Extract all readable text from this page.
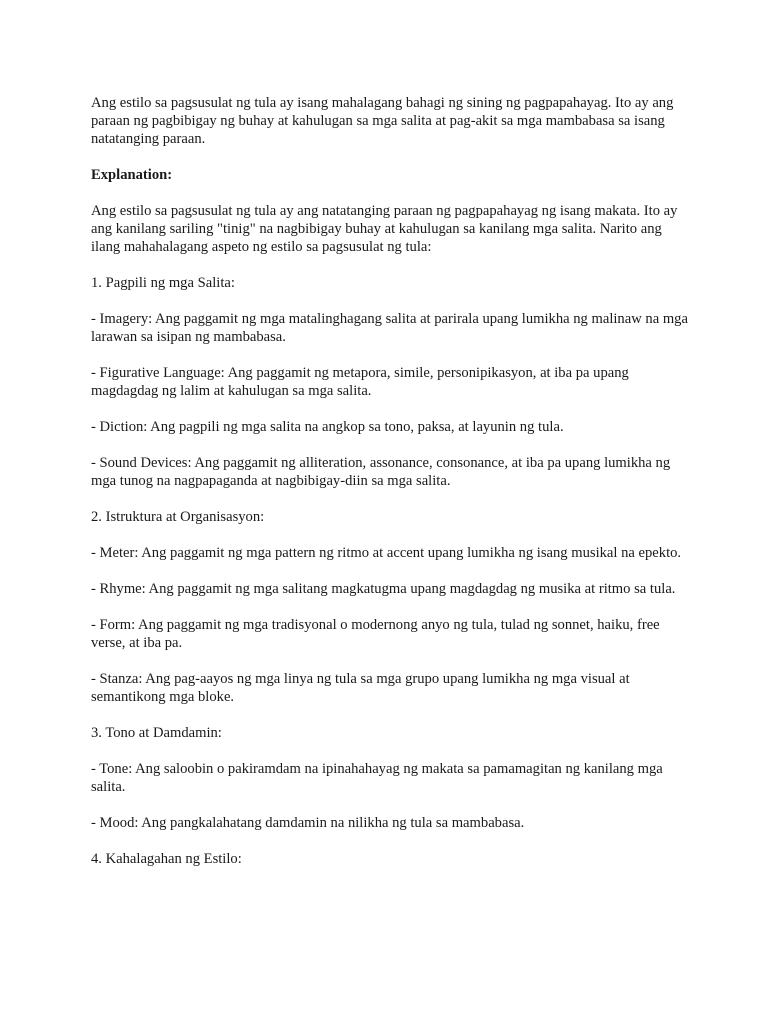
Ang estilo sa pagsusulat ng tula ay isang mahalagang bahagi ng sining ng pagpapahayag. Ito ay ang paraan ng pagbibigay ng buhay at kahulugan sa mga salita at pag-akit sa mga mambabasa sa isang natatanging paraan.

Explanation:

Ang estilo sa pagsusulat ng tula ay ang natatanging paraan ng pagpapahayag ng isang makata. Ito ay ang kanilang sariling "tinig" na nagbibigay buhay at kahulugan sa kanilang mga salita. Narito ang ilang mahahalagang aspeto ng estilo sa pagsusulat ng tula:

1. Pagpili ng mga Salita:

- Imagery: Ang paggamit ng mga matalinghagang salita at parirala upang lumikha ng malinaw na mga larawan sa isipan ng mambabasa.

- Figurative Language: Ang paggamit ng metapora, simile, personipikasyon, at iba pa upang magdagdag ng lalim at kahulugan sa mga salita.

- Diction: Ang pagpili ng mga salita na angkop sa tono, paksa, at layunin ng tula.

- Sound Devices: Ang paggamit ng alliteration, assonance, consonance, at iba pa upang lumikha ng mga tunog na nagpapaganda at nagbibigay-diin sa mga salita.

2. Istruktura at Organisasyon:

- Meter: Ang paggamit ng mga pattern ng ritmo at accent upang lumikha ng isang musikal na epekto.

- Rhyme: Ang paggamit ng mga salitang magkatugma upang magdagdag ng musika at ritmo sa tula.

- Form: Ang paggamit ng mga tradisyonal o modernong anyo ng tula, tulad ng sonnet, haiku, free verse, at iba pa.

- Stanza: Ang pag-aayos ng mga linya ng tula sa mga grupo upang lumikha ng mga visual at semantikong mga bloke.

3. Tono at Damdamin:

- Tone: Ang saloobin o pakiramdam na ipinahahayag ng makata sa pamamagitan ng kanilang mga salita.

- Mood: Ang pangkalahatang damdamin na nilikha ng tula sa mambabasa.

4. Kahalagahan ng Estilo:
